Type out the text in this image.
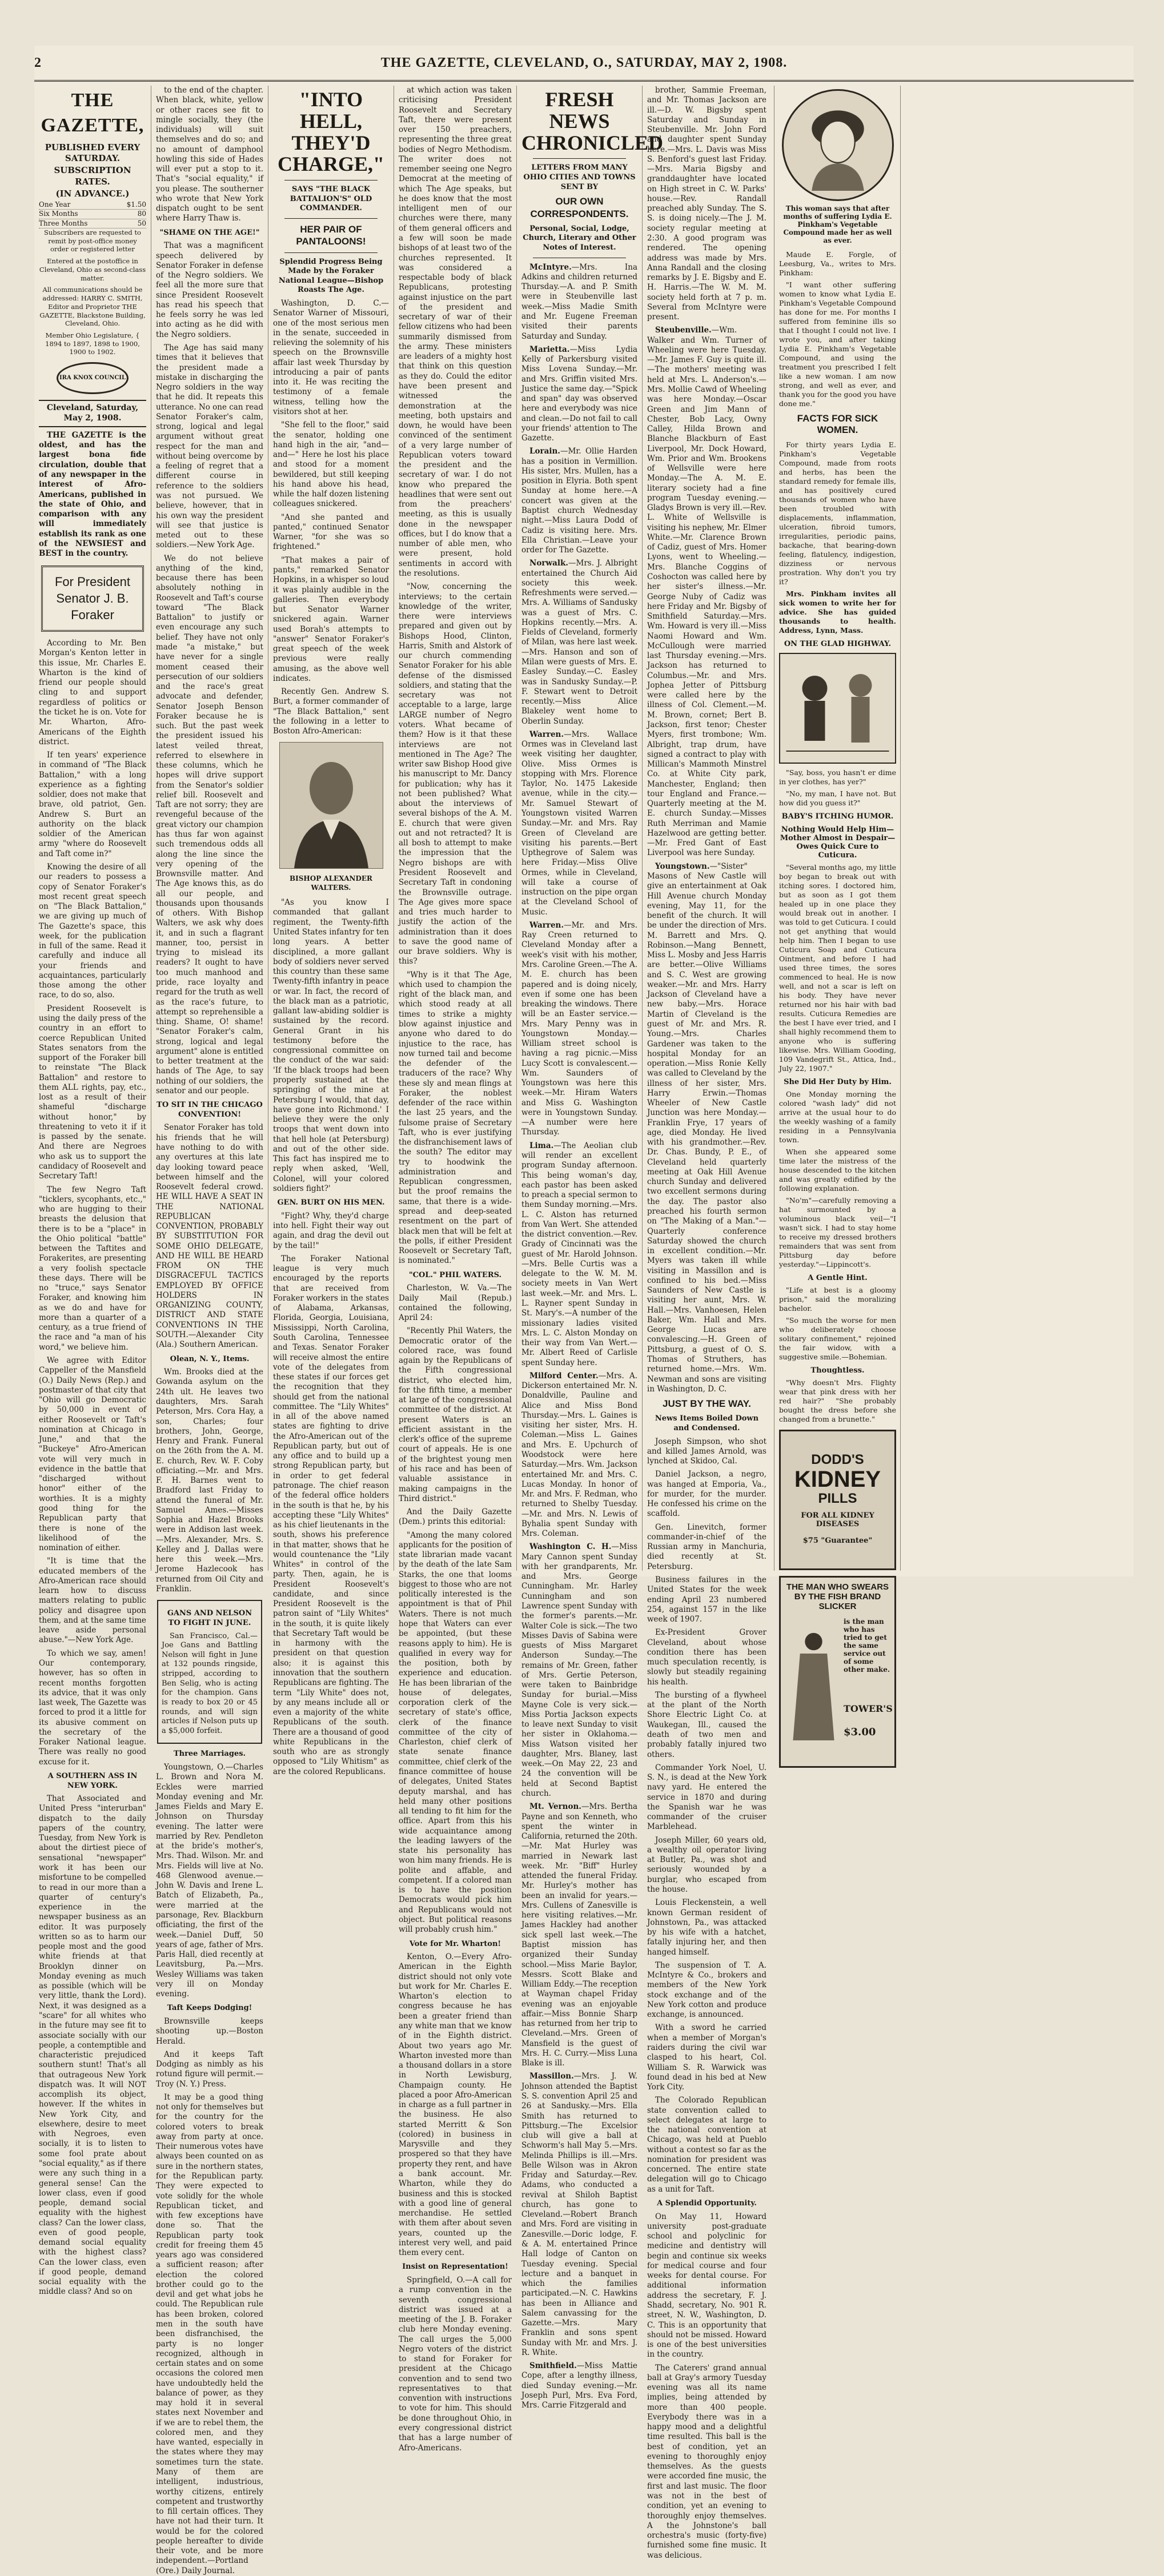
2	THE GAZETTE, CLEVELAND, O., SATURDAY, MAY 2, 1908.
THE GAZETTE,
PUBLISHED EVERY SATURDAY.
SUBSCRIPTION RATES.
(IN ADVANCE.)
One Year	$1.50
Six Months	80
Three Months	50

Subscribers are requested to remit by post-office money order or registered letter

Entered at the postoffice in Cleveland, Ohio as second-class matter.

All communications should be addressed: HARRY C. SMITH, Editor and Proprietor THE GAZETTE, Blackstone Building, Cleveland, Ohio.

Member Ohio Legislature, { 1894 to 1897, 1898 to 1900, 1900 to 1902.

IRA KNOX COUNCIL
Cleveland, Saturday, May 2, 1908.

THE GAZETTE is the oldest, and has the largest bona fide circulation, double that of any newspaper in the interest of Afro-Americans, published in the state of Ohio, and comparison with any will immediately establish its rank as one of the NEWSIEST and BEST in the country.

For President Senator J. B. Foraker

According to Mr. Ben Morgan's Kenton letter in this issue, Mr. Charles E. Wharton is the kind of friend our people should cling to and support regardless of politics or the ticket he is on. Vote for Mr. Wharton, Afro-Americans of the Eighth district.

If ten years' experience in command of "The Black Battalion," with a long experience as a fighting soldier, does not make that brave, old patriot, Gen. Andrew S. Burt an authority on the black soldier of the American army "where do Roosevelt and Taft come in?"

Knowing the desire of all our readers to possess a copy of Senator Foraker's most recent great speech on "The Black Battalion," we are giving up much of The Gazette's space, this week, for the publication in full of the same. Read it carefully and induce all your friends and acquaintances, particularly those among the other race, to do so, also.

President Roosevelt is using the daily press of the country in an effort to coerce Republican United States senators from the support of the Foraker bill to reinstate "The Black Battalion" and restore to them ALL rights, pay, etc., lost as a result of their shameful "discharge without honor," by threatening to veto it if it is passed by the senate. And there are Negroes who ask us to support the candidacy of Roosevelt and Secretary Taft!

The few Negro Taft "ticklers, sycophants, etc.," who are hugging to their breasts the delusion that there is to be a "place" in the Ohio political "battle" between the Taftites and Forakerites, are presenting a very foolish spectacle these days. There will be no "truce," says Senator Foraker, and knowing him as we do and have for more than a quarter of a century, as a true friend of the race and "a man of his word," we believe him.

We agree with Editor Cappeller of the Mansfield (O.) Daily News (Rep.) and postmaster of that city that "Ohio will go Democratic by 50,000 in event of either Roosevelt or Taft's nomination at Chicago in June," and that the "Buckeye" Afro-American vote will very much in evidence in the battle that "discharged without honor" either of the worthies. It is a mighty good thing for the Republican party that there is none of the likelihood of the nomination of either.

"It is time that the educated members of the Afro-American race should learn how to discuss matters relating to public policy and disagree upon them, and at the same time leave aside personal abuse."—New York Age.

To which we say, amen! Our contemporary, however, has so often in recent months forgotten its advice, that it was only last week, The Gazette was forced to prod it a little for its abusive comment on the secretary of the Foraker National league. There was really no good excuse for it.

A SOUTHERN ASS IN NEW YORK.

That Associated and United Press "interurban" dispatch to the daily papers of the country, Tuesday, from New York is about the dirtiest piece of sensational "newspaper" work it has been our misfortune to be compelled to read in our more than a quarter of century's experience in the newspaper business as an editor. It was purposely written so as to harm our people most and the good white friends at that Brooklyn dinner on Monday evening as much as possible (which will be very little, thank the Lord). Next, it was designed as a "scare" for all whites who in the future may see fit to associate socially with our people, a contemptible and characteristic prejudiced southern stunt! That's all that outrageous New York dispatch was. It will NOT accomplish its object, however. If the whites in New York City, and elsewhere, desire to meet with Negroes, even socially, it is to listen to some fool prate about "social equality," as if there were any such thing in a general sense! Can the lower class, even if good people, demand social equality with the highest class? Can the lower class, even of good people, demand social equality with the highest class? Can the lower class, even if good people, demand social equality with the middle class? And so on

to the end of the chapter. When black, white, yellow or other races see fit to mingle socially, they (the individuals) will suit themselves and do so; and no amount of damphool howling this side of Hades will ever put a stop to it. That's "social equality," if you please. The southerner who wrote that New York dispatch ought to be sent where Harry Thaw is.

"SHAME ON THE AGE!"

That was a magnificent speech delivered by Senator Foraker in defense of the Negro soldiers. We feel all the more sure that since President Roosevelt has read his speech that he feels sorry he was led into acting as he did with the Negro soldiers.

The Age has said many times that it believes that the president made a mistake in discharging the Negro soldiers in the way that he did. It repeats this utterance. No one can read Senator Foraker's calm, strong, logical and legal argument without great respect for the man and without being overcome by a feeling of regret that a different course in reference to the soldiers was not pursued. We believe, however, that in his own way the president will see that justice is meted out to these soldiers.—New York Age.

We do not believe anything of the kind, because there has been absolutely nothing in Roosevelt and Taft's course toward "The Black Battalion" to justify or even encourage any such belief. They have not only made "a mistake," but have never for a single moment ceased their persecution of our soldiers and the race's great advocate and defender, Senator Joseph Benson Foraker because he is such. But the past week the president issued his latest veiled threat, referred to elsewhere in these columns, which he hopes will drive support from the Senator's soldier relief bill. Roosevelt and Taft are not sorry; they are revengeful because of the great victory our champion has thus far won against such tremendous odds all along the line since the very opening of the Brownsville matter. And The Age knows this, as do all our people, and thousands upon thousands of others. With Bishop Walters, we ask why does it, and in such a flagrant manner, too, persist in trying to mislead its readers? It ought to have too much manhood and pride, race loyalty and regard for the truth as well as the race's future, to attempt so reprehensible a thing. Shame, O! shame! "Senator Foraker's calm, strong, logical and legal argument" alone is entitled to better treatment at the hands of The Age, to say nothing of our soldiers, the senator and our people.

TO SIT IN THE CHICAGO CONVENTION!

Senator Foraker has told his friends that he will have nothing to do with any overtures at this late day looking toward peace between himself and the Roosevelt federal crowd. HE WILL HAVE A SEAT IN THE NATIONAL REPUBLICAN CONVENTION, PROBABLY BY SUBSTITUTION FOR SOME OHIO DELEGATE, AND HE WILL BE HEARD FROM ON THE DISGRACEFUL TACTICS EMPLOYED BY OFFICE HOLDERS IN ORGANIZING COUNTY, DISTRICT AND STATE CONVENTIONS IN THE SOUTH.—Alexander City (Ala.) Southern American.

Olean, N. Y., Items.

Wm. Brooks died at the Gowanda asylum on the 24th ult. He leaves two daughters, Mrs. Sarah Peterson, Mrs. Cora Hay, a son, Charles; four brothers, John, George, Henry and Frank. Funeral on the 26th from the A. M. E. church, Rev. W. F. Coby officiating.—Mr. and Mrs. F. H. Barnes went to Bradford last Friday to attend the funeral of Mr. Samuel Ames.—Misses Sophia and Hazel Brooks were in Addison last week.—Mrs. Alexander, Mrs. S. Kelley and J. Dallas were here this week.—Mrs. Jerome Hazlecook has returned from Oil City and Franklin.

GANS AND NELSON TO FIGHT IN JUNE.

San Francisco, Cal.—Joe Gans and Battling Nelson will fight in June at 132 pounds ringside, stripped, according to Ben Selig, who is acting for the champion. Gans is ready to box 20 or 45 rounds, and will sign articles if Nelson puts up a $5,000 forfeit.

Three Marriages.

Youngstown, O.—Charles L. Brown and Nora M. Eckles were married Monday evening and Mr. James Fields and Mary E. Johnson on Thursday evening. The latter were married by Rev. Pendleton at the bride's mother's, Mrs. Thad. Wilson. Mr. and Mrs. Fields will live at No. 468 Glenwood avenue.—John W. Davis and Irene L. Batch of Elizabeth, Pa., were married at the parsonage, Rev. Blackburn officiating, the first of the week.—Daniel Duff, 50 years of age, father of Mrs. Paris Hall, died recently at Leavitsburg, Pa.—Mrs. Wesley Williams was taken very ill on Monday evening.

Taft Keeps Dodging!

Brownsville keeps shooting up.—Boston Herald.

And it keeps Taft Dodging as nimbly as his rotund figure will permit.—Troy (N. Y.) Press.

It may be a good thing not only for themselves but for the country for the colored voters to break away from party at once. Their numerous votes have always been counted on as sure in the northern states, for the Republican party. They were expected to vote solidly for the whole Republican ticket, and with few exceptions have done so. That the Republican party took credit for freeing them 45 years ago was considered a sufficient reason; after election the colored brother could go to the devil and get what jobs he could. The Republican rule has been broken, colored men in the south have been disfranchised, the party is no longer recognized, although in certain states and on some occasions the colored men have undoubtedly held the balance of power, as they may hold it in several states next November and if we are to rebel them, the colored men, and they have wanted, especially in the states where they may sometimes turn the state. Many of them are intelligent, industrious, worthy citizens, entirely competent and trustworthy to fill certain offices. They have not had their turn. It would be for the colored people hereafter to divide their vote, and be more independent.—Portland (Ore.) Daily Journal.

"INTO HELL, THEY'D CHARGE,"
SAYS "THE BLACK BATTALION'S" OLD COMMANDER.
HER PAIR OF PANTALOONS!
Splendid Progress Being Made by the Foraker National League—Bishop Roasts The Age.

Washington, D. C.—Senator Warner of Missouri, one of the most serious men in the senate, succeeded in relieving the solemnity of his speech on the Brownsville affair last week Thursday by introducing a pair of pants into it. He was reciting the testimony of a female witness, telling how the visitors shot at her.

"She fell to the floor," said the senator, holding one hand high in the air, "and—and—" Here he lost his place and stood for a moment bewildered, but still keeping his hand above his head, while the half dozen listening colleagues snickered.

"And she panted and panted," continued Senator Warner, "for she was so frightened."

"That makes a pair of pants," remarked Senator Hopkins, in a whisper so loud it was plainly audible in the galleries. Then everybody but Senator Warner snickered again. Warner used Borah's attempts to "answer" Senator Foraker's great speech of the week previous were really amusing, as the above well indicates.

Recently Gen. Andrew S. Burt, a former commander of "The Black Battalion," sent the following in a letter to Boston Afro-American:

BISHOP ALEXANDER WALTERS.

"As you know I commanded that gallant regiment, the Twenty-fifth United States infantry for ten long years. A better disciplined, a more gallant body of soldiers never served this country than these same Twenty-fifth infantry in peace or war. In fact, the record of the black man as a patriotic, gallant law-abiding soldier is sustained by the record. General Grant in his testimony before the congressional committee on the conduct of the war said: 'If the black troops had been properly sustained at the springing of the mine at Petersburg I would, that day, have gone into Richmond.' I believe they were the only troops that went down into that hell hole (at Petersburg) and out of the other side. This fact has inspired me to reply when asked, 'Well, Colonel, will your colored soldiers fight?'

GEN. BURT ON HIS MEN.

"Fight? Why, they'd charge into hell. Fight their way out again, and drag the devil out by the tail!"

The Foraker National league is very much encouraged by the reports that are received from Foraker workers in the states of Alabama, Arkansas, Florida, Georgia, Louisiana, Mississippi, North Carolina, South Carolina, Tennessee and Texas. Senator Foraker will receive almost the entire vote of the delegates from these states if our forces get the recognition that they should get from the national committee. The "Lily Whites" in all of the above named states are fighting to drive the Afro-American out of the Republican party, but out of any office and to build up a strong Republican party, but in order to get federal patronage. The chief reason of the federal office holders in the south is that he, by his accepting these "Lily Whites" as his chief lieutenants in the south, shows his preference in that matter, shows that he would countenance the "Lily Whites" in control of the party. Then, again, he is President Roosevelt's candidate, and since President Roosevelt is the patron saint of "Lily Whites" in the south, it is quite likely that Secretary Taft would be in harmony with the president on that question also; it is against this innovation that the southern Republicans are fighting. The term "Lily White" does not, by any means include all or even a majority of the white Republicans of the south. There are a thousand of good white Republicans in the south who are as strongly opposed to "Lily Whitism" as are the colored Republicans.

at which action was taken criticising President Roosevelt and Secretary Taft, there were present over 150 preachers, representing the three great bodies of Negro Methodism. The writer does not remember seeing one Negro Democrat at the meeting of which The Age speaks, but he does know that the most intelligent men of our churches were there, many of them general officers and a few will soon be made bishops of at least two of the churches represented. It was considered a respectable body of black Republicans, protesting against injustice on the part of the president and secretary of war of their fellow citizens who had been summarily dismissed from the army. These ministers are leaders of a mighty host that think on this question as they do. Could the editor have been present and witnessed the demonstration at the meeting, both upstairs and down, he would have been convinced of the sentiment of a very large number of Republican voters toward the president and the secretary of war. I do not know who prepared the headlines that were sent out from the preachers' meeting, as this is usually done in the newspaper offices, but I do know that a number of able men, who were present, hold sentiments in accord with the resolutions.

"Now, concerning the interviews; to the certain knowledge of the writer, there were interviews prepared and given out by Bishops Hood, Clinton, Harris, Smith and Alstork of our church commending Senator Foraker for his able defense of the dismissed soldiers, and stating that the secretary was not acceptable to a large, large LARGE number of Negro voters. What became of them? How is it that these interviews are not mentioned in The Age? The writer saw Bishop Hood give his manuscript to Mr. Dancy for publication; why has it not been published? What about the interviews of several bishops of the A. M. E. church that were given out and not retracted? It is all bosh to attempt to make the impression that the Negro bishops are with President Roosevelt and Secretary Taft in condoning the Brownsville outrage. The Age gives more space and tries much harder to justify the action of the administration than it does to save the good name of our brave soldiers. Why is this?

"Why is it that The Age, which used to champion the right of the black man, and which stood ready at all times to strike a mighty blow against injustice and anyone who dared to do injustice to the race, has now turned tail and become the defender of the traducers of the race? Why these sly and mean flings at Foraker, the noblest defender of the race within the last 25 years, and the fulsome praise of Secretary Taft, who is ever justifying the disfranchisement laws of the south? The editor may try to hoodwink the administration and Republican congressmen, but the proof remains the same, that there is a wide-spread and deep-seated resentment on the part of black men that will be felt at the polls, if either President Roosevelt or Secretary Taft, is nominated."

"COL." PHIL WATERS.

Charleston, W. Va.—The Daily Mail (Repub.) contained the following, April 24:

"Recently Phil Waters, the Democratic orator of the colored race, was found again by the Republicans of the Fifth congressional district, who elected him, for the fifth time, a member at large of the congressional committee of the district. At present Waters is an efficient assistant in the clerk's office of the supreme court of appeals. He is one of the brightest young men of his race and has been of valuable assistance in making campaigns in the Third district."

And the Daily Gazette (Dem.) prints this editorial:

"Among the many colored applicants for the position of state librarian made vacant by the death of the late Sam Starks, the one that looms biggest to those who are not politically interested is the appointment is that of Phil Waters. There is not much hope that Waters can ever be appointed, (but these reasons apply to him). He is qualified in every way for the position, both by experience and education. He has been librarian of the house of delegates, corporation clerk of the secretary of state's office, clerk of the finance committee of the city of Charleston, chief clerk of state senate finance committee, chief clerk of the finance committee of house of delegates, United States deputy marshal, and has held many other positions all tending to fit him for the office. Apart from this his wide acquaintance among the leading lawyers of the state his personality has won him many friends. He is polite and affable, and competent. If a colored man is to have the position Democrats would pick him and Republicans would not object. But political reasons will probably crush him."

Vote for Mr. Wharton!

Kenton, O.—Every Afro-American in the Eighth district should not only vote but work for Mr. Charles E. Wharton's election to congress because he has been a greater friend than any white man that we know of in the Eighth district. About two years ago Mr. Wharton invested more than a thousand dollars in a store in North Lewisburg, Champaign county. He placed a poor Afro-American in charge as a full partner in the business. He also started Merritt & Son (colored) in business in Marysville and they prospered so that they have property they rent, and have a bank account. Mr. Wharton, while they do business and this is stocked with a good line of general merchandise. He settled with them after about seven years, counted up the interest very well, and paid them every cent.

Insist on Representation!

Springfield, O.—A call for a rump convention in the seventh congressional district was issued at a meeting of the J. B. Foraker club here Monday evening. The call urges the 5,000 Negro voters of the district to stand for Foraker for president at the Chicago convention and to send two representatives to that convention with instructions to vote for him. This should be done throughout Ohio, in every congressional district that has a large number of Afro-Americans.

FRESH NEWS CHRONICLED
LETTERS FROM MANY OHIO CITIES AND TOWNS SENT BY
OUR OWN CORRESPONDENTS.
Personal, Social, Lodge, Church, Literary and Other Notes of Interest.

McIntyre.—Mrs. Ina Adkins and children returned Thursday.—A. and P. Smith were in Steubenville last week.—Miss Madie Smith and Mr. Eugene Freeman visited their parents Saturday and Sunday.

Marietta.—Miss Lydia Kelly of Parkersburg visited Miss Lovena Sunday.—Mr. and Mrs. Griffin visited Mrs. Justice the same day.—"Spick and span" day was observed here and everybody was nice and clean.—Do not fail to call your friends' attention to The Gazette.

Lorain.—Mr. Ollie Harden has a position in Vermillion. His sister, Mrs. Mullen, has a position in Elyria. Both spent Sunday at home here.—A concert was given at the Baptist church Wednesday night.—Miss Laura Dodd of Cadiz is visiting here. Mrs. Ella Christian.—Leave your order for The Gazette.

Norwalk.—Mrs. J. Albright entertained the Church Aid society this week. Refreshments were served.—Mrs. A. Williams of Sandusky was a guest of Mrs. C. Hopkins recently.—Mrs. A. Fields of Cleveland, formerly of Milan, was here last week.—Mrs. Hanson and son of Milan were guests of Mrs. E. Easley Sunday.—C. Easley was in Sandusky Sunday.—P. F. Stewart went to Detroit recently.—Miss Alice Blakeley went home to Oberlin Sunday.

Warren.—Mrs. Wallace Ormes was in Cleveland last week visiting her daughter, Olive. Miss Ormes is stopping with Mrs. Florence Taylor, No. 1475 Lakeside avenue, while in the city.—Mr. Samuel Stewart of Youngstown visited Warren Sunday.—Mr. and Mrs. Ray Green of Cleveland are visiting his parents.—Bert Upthegrove of Salem was here Friday.—Miss Olive Ormes, while in Cleveland, will take a course of instruction on the pipe organ at the Cleveland School of Music.

Warren.—Mr. and Mrs. Ray Creen returned to Cleveland Monday after a week's visit with his mother, Mrs. Caroline Green.—The A. M. E. church has been papered and is doing nicely, even if some one has been breaking the windows. There will be an Easter service.—Mrs. Mary Penny was in Youngstown Monday.—William street school is having a rag picnic.—Miss Lucy Scott is convalescent.—Wm. Saunders of Youngstown was here this week.—Mr. Hiram Waters and Miss G. Washington were in Youngstown Sunday.—A number were here Thursday.

Lima.—The Aeolian club will render an excellent program Sunday afternoon. This being woman's day, each pastor has been asked to preach a special sermon to them Sunday morning.—Mrs. L. C. Alston has returned from Van Wert. She attended the district convention.—Rev. Grady of Cincinnati was the guest of Mr. Harold Johnson.—Mrs. Belle Curtis was a delegate to the W. M. M. society meets in Van Wert last week.—Mr. and Mrs. L. L. Rayner spent Sunday in St. Mary's.—A number of the missionary ladies visited Mrs. L. C. Alston Monday on their way from Van Wert.—Mr. Albert Reed of Carlisle spent Sunday here.

Milford Center.—Mrs. A. Dickerson entertained Mr. N. Donaldville, Pauline and Alice and Miss Bond Thursday.—Mrs. L. Gaines is visiting her sister, Mrs. H. Coleman.—Miss L. Gaines and Mrs. E. Upchurch of Woodstock were here Saturday.—Mrs. Wm. Jackson entertained Mr. and Mrs. C. Lucas Monday. In honor of Mr. and Mrs. F. Redman, who returned to Shelby Tuesday.—Mr. and Mrs. N. Lewis of Byhalia spent Sunday with Mrs. Coleman.

Washington C. H.—Miss Mary Cannon spent Sunday with her grandparents, Mr. and Mrs. George Cunningham. Mr. Harley Cunningham and son Lawrence spent Sunday with the former's parents.—Mr. Walter Cole is sick.—The two Misses Davis of Sabina were guests of Miss Margaret Anderson Sunday.—The remains of Mr. Green, father of Mrs. Gertie Peterson, were taken to Bainbridge Sunday for burial.—Miss Mayne Cole is very sick.—Miss Portia Jackson expects to leave next Sunday to visit her sister in Oklahoma.—Miss Watson visited her daughter, Mrs. Blaney, last week.—On May 22, 23 and 24 the convention will be held at Second Baptist church.

Mt. Vernon.—Mrs. Bertha Payne and son Kenneth, who spent the winter in California, returned the 20th.—Mr. Mat Hurley was married in Newark last week. Mr. "Biff" Hurley attended the funeral Friday. Mr. Hurley's mother has been an invalid for years.—Mrs. Cullens of Zanesville is here visiting relatives.—Mr. James Hackley had another sick spell last week.—The Baptist mission has organized their Sunday school.—Miss Marie Baylor, Messrs. Scott Blake and William Eddy.—The reception at Wayman chapel Friday evening was an enjoyable affair.—Miss Bonnie Sharp has returned from her trip to Cleveland.—Mrs. Green of Mansfield is the guest of Mrs. H. C. Curry.—Miss Luna Blake is ill.

Massillon.—Mrs. J. W. Johnson attended the Baptist S. S. convention April 25 and 26 at Sandusky.—Mrs. Ella Smith has returned to Pittsburg.—The Excelsior club will give a ball at Schworm's hall May 5.—Mrs. Melinda Phillips is ill.—Mrs. Belle Wilson was in Akron Friday and Saturday.—Rev. Adams, who conducted a revival at Shiloh Baptist church, has gone to Cleveland.—Robert Branch and Mrs. Ford are visiting in Zanesville.—Doric lodge, F. & A. M. entertained Prince Hall lodge of Canton on Tuesday evening. Special lecture and a banquet in which the families participated.—N. C. Hawkins has been in Alliance and Salem canvassing for the Gazette.—Mrs. Mary Franklin and sons spent Sunday with Mr. and Mrs. J. R. White.

Smithfield.—Miss Mattie Cope, after a lengthy illness, died Sunday evening.—Mr. Joseph Purl, Mrs. Eva Ford, Mrs. Carrie Fitzgerald and

brother, Sammie Freeman, and Mr. Thomas Jackson are ill.—D. W. Bigsby spent Saturday and Sunday in Steubenville. Mr. John Ford and daughter spent Sunday here.—Mrs. L. Davis was Miss S. Benford's guest last Friday.—Mrs. Maria Bigsby and granddaughter have located on High street in C. W. Parks' house.—Rev. Randall preached ably Sunday. The S. S. is doing nicely.—The J. M. society regular meeting at 2:30. A good program was rendered. The opening address was made by Mrs. Anna Randall and the closing remarks by J. E. Bigsby and E. H. Harris.—The W. M. M. society held forth at 7 p. m. Several from McIntyre were present.

Steubenville.—Wm. Walker and Wm. Turner of Wheeling were here Tuesday.—Mr. James F. Guy is quite ill.—The mothers' meeting was held at Mrs. L. Anderson's.—Mrs. Mollie Cawd of Wheeling was here Monday.—Oscar Green and Jim Mann of Chester, Bob Lacy, Owny Calley, Hilda Brown and Blanche Blackburn of East Liverpool, Mr. Dock Howard, Wm. Prior and Wm. Brookens of Wellsville were here Monday.—The A. M. E. literary society had a fine program Tuesday evening.—Gladys Brown is very ill.—Rev. L. White of Wellsville is visiting his nephew, Mr. Elmer White.—Mr. Clarence Brown of Cadiz, guest of Mrs. Homer Lyons, went to Wheeling.—Mrs. Blanche Coggins of Coshocton was called here by her sister's illness.—Mr. George Nuby of Cadiz was here Friday and Mr. Bigsby of Smithfield Saturday.—Mrs. Wm. Howard is very ill.—Miss Naomi Howard and Wm. McCullough were married last Thursday evening.—Mrs. Jackson has returned to Columbus.—Mr. and Mrs. Jophea Jetter of Pittsburg were called here by the illness of Col. Clement.—M. M. Brown, cornet; Bert B. Jackson, first tenor; Chester Myers, first trombone; Wm. Albright, trap drum, have signed a contract to play with Millican's Mammoth Minstrel Co. at White City park, Manchester, England; then tour England and France.—Quarterly meeting at the M. E. church Sunday.—Misses Ruth Merriman and Mamie Hazelwood are getting better.—Mr. Fred Gant of East Liverpool was here Sunday.

Youngstown.—"Sister" Masons of New Castle will give an entertainment at Oak Hill Avenue church Monday evening, May 11, for the benefit of the church. It will be under the direction of Mrs. M. Barrett and Mrs. Q. Robinson.—Mang Bennett, Miss L. Mosby and Jess Harris are better.—Olive Williams and S. C. West are growing weaker.—Mr. and Mrs. Harry Jackson of Cleveland have a new baby.—Mrs. Horace Martin of Cleveland is the guest of Mr. and Mrs. R. Young.—Mrs. Charles Gardener was taken to the hospital Monday for an operation.—Miss Ronie Kelly was called to Cleveland by the illness of her sister, Mrs. Harry Erwin.—Thomas Wheeler of New Castle Junction was here Monday.—Franklin Frye, 17 years of age, died Monday. He lived with his grandmother.—Rev. Dr. Chas. Bundy, P. E., of Cleveland held quarterly meeting at Oak Hill Avenue church Sunday and delivered two excellent sermons during the day. The pastor also preached his fourth sermon on "The Making of a Man."—Quarterly conference Saturday showed the church in excellent condition.—Mr. Myers was taken ill while visiting in Massillon and is confined to his bed.—Miss Saunders of New Castle is visiting her aunt, Mrs. W. Hall.—Mrs. Vanhoesen, Helen Baker, Wm. Hall and Mrs. George Lucas are convalescing.—H. Green of Pittsburg, a guest of O. S. Thomas of Struthers, has returned home.—Mrs. Wm. Newman and sons are visiting in Washington, D. C.

JUST BY THE WAY.
News Items Boiled Down and Condensed.

Joseph Simpson, who shot and killed James Arnold, was lynched at Skidoo, Cal.

Daniel Jackson, a negro, was hanged at Emporia, Va., for murder, for the murder. He confessed his crime on the scaffold.

Gen. Linevitch, former commander-in-chief of the Russian army in Manchuria, died recently at St. Petersburg.

Business failures in the United States for the week ending April 23 numbered 254, against 157 in the like week of 1907.

Ex-President Grover Cleveland, about whose condition there has been much speculation recently, is slowly but steadily regaining his health.

The bursting of a flywheel at the plant of the North Shore Electric Light Co. at Waukegan, Ill., caused the death of two men and probably fatally injured two others.

Commander York Noel, U. S. N., is dead at the New York navy yard. He entered the service in 1870 and during the Spanish war he was commander of the cruiser Marblehead.

Joseph Miller, 60 years old, a wealthy oil operator living at Butler, Pa., was shot and seriously wounded by a burglar, who escaped from the house.

Louis Fleckenstein, a well known German resident of Johnstown, Pa., was attacked by his wife with a hatchet, fatally injuring her, and then hanged himself.

The suspension of T. A. McIntyre & Co., brokers and members of the New York stock exchange and of the New York cotton and produce exchange, is announced.

With a sword he carried when a member of Morgan's raiders during the civil war clasped to his heart, Col. William S. R. Warwick was found dead in his bed at New York City.

The Colorado Republican state convention called to select delegates at large to the national convention at Chicago, was held at Pueblo without a contest so far as the nomination for president was concerned. The entire state delegation will go to Chicago as a unit for Taft.

A Splendid Opportunity.

On May 11, Howard university post-graduate school and polyclinic for medicine and dentistry will begin and continue six weeks for medical course and four weeks for dental course. For additional information address the secretary, F. J. Shadd, secretary, No. 901 R. street, N. W., Washington, D. C. This is an opportunity that should not be missed. Howard is one of the best universities in the country.

The Caterers' grand annual ball at Gray's armory Tuesday evening was all its name implies, being attended by more than 400 people. Everybody there was in a happy mood and a delightful time resulted. This ball is the best of condition, yet an evening to thoroughly enjoy themselves. As the guests were accorded fine music, the first and last music. The floor was not in the best of condition, yet an evening to thoroughly enjoy themselves. A the Johnstone's ball orchestra's music (forty-five) furnished some fine music. It was delicious.

This woman says that after months of suffering Lydia E. Pinkham's Vegetable Compound made her as well as ever.

Maude E. Forgle, of Leesburg, Va., writes to Mrs. Pinkham:

"I want other suffering women to know what Lydia E. Pinkham's Vegetable Compound has done for me. For months I suffered from feminine ills so that I thought I could not live. I wrote you, and after taking Lydia E. Pinkham's Vegetable Compound, and using the treatment you prescribed I felt like a new woman. I am now strong, and well as ever, and thank you for the good you have done me."

FACTS FOR SICK WOMEN.

For thirty years Lydia E. Pinkham's Vegetable Compound, made from roots and herbs, has been the standard remedy for female ills, and has positively cured thousands of women who have been troubled with displacements, inflammation, ulceration, fibroid tumors, irregularities, periodic pains, backache, that bearing-down feeling, flatulency, indigestion, dizziness or nervous prostration. Why don't you try it?

Mrs. Pinkham invites all sick women to write her for advice. She has guided thousands to health. Address, Lynn, Mass.

ON THE GLAD HIGHWAY.

"Say, boss, you hasn't er dime in yer clothes, has yer?"

"No, my man, I have not. But how did you guess it?"

BABY'S ITCHING HUMOR.
Nothing Would Help Him—Mother Almost in Despair—Owes Quick Cure to Cuticura.

"Several months ago, my little boy began to break out with itching sores. I doctored him, but as soon as I got them healed up in one place they would break out in another. I was told to get Cuticura. I could not get anything that would help him. Then I began to use Cuticura Soap and Cuticura Ointment, and before I had used three times, the sores commenced to heal. He is now well, and not a scar is left on his body. They have never returned nor his hair with bad results. Cuticura Remedies are the best I have ever tried, and I shall highly recommend them to anyone who is suffering likewise. Mrs. William Gooding, 109 Vandegrift St., Attica, Ind., July 22, 1907."

She Did Her Duty by Him.

One Monday morning the colored "wash lady" did not arrive at the usual hour to do the weekly washing of a family residing in a Pennsylvania town.

When she appeared some time later the mistress of the house descended to the kitchen and was greatly edified by the following explanation.

"No'm"—carefully removing a hat surmounted by a voluminous black veil—"I wasn't sick. I had to stay home to receive my dressed brothers remainders that was sent from Pittsburg day before yesterday."—Lippincott's.

A Gentle Hint.

"Life at best is a gloomy prison," said the moralizing bachelor.

"So much the worse for men who deliberately choose solitary confinement," rejoined the fair widow, with a suggestive smile.—Bohemian.

Thoughtless.

"Why doesn't Mrs. Flighty wear that pink dress with her red hair?" "She probably bought the dress before she changed from a brunette."

DODD'S
KIDNEY
PILLS
FOR ALL KIDNEY DISEASES
$75 "Guarantee"
THE MAN WHO SWEARS BY THE FISH BRAND SLICKER
is the man who has tried to get the same service out of some other make.
TOWER'S
$3.00
